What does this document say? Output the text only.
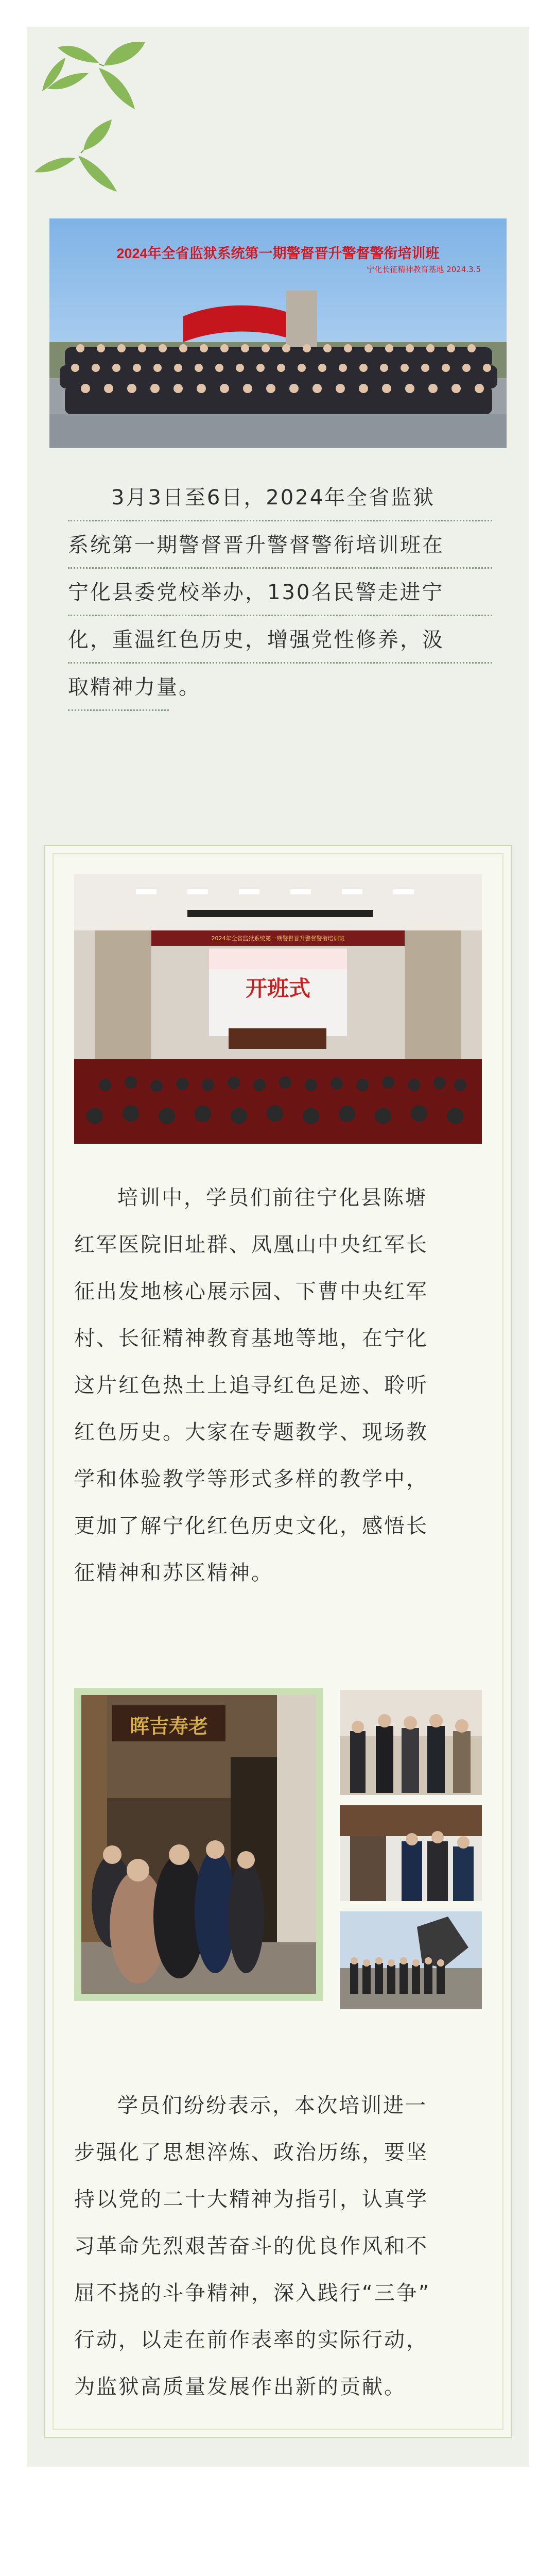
2024年全省监狱系统第一期警督晋升警督警衔培训班
宁化长征精神教育基地 2024.3.5
3月3日至6日，2024年全省监狱
系统第一期警督晋升警督警衔培训班在
宁化县委党校举办，130名民警走进宁
化，重温红色历史，增强党性修养，汲
取精神力量。
2024年全省监狱系统第一期警督晋升警督警衔培训班
开班式
培训中，学员们前往宁化县陈塘
红军医院旧址群、凤凰山中央红军长
征出发地核心展示园、下曹中央红军
村、长征精神教育基地等地，在宁化
这片红色热土上追寻红色足迹、聆听
红色历史。大家在专题教学、现场教
学和体验教学等形式多样的教学中，
更加了解宁化红色历史文化，感悟长
征精神和苏区精神。
晖吉寿老
学员们纷纷表示，本次培训进一
步强化了思想淬炼、政治历练，要坚
持以党的二十大精神为指引，认真学
习革命先烈艰苦奋斗的优良作风和不
屈不挠的斗争精神，深入践行“三争”
行动，以走在前作表率的实际行动，
为监狱高质量发展作出新的贡献。
